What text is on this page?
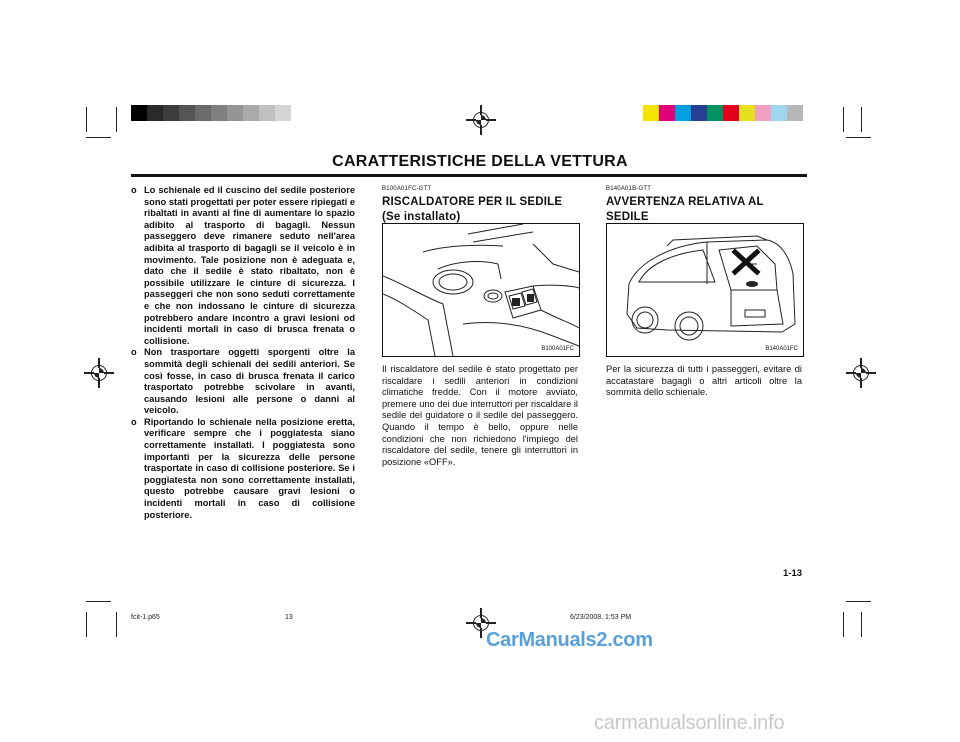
CARATTERISTICHE DELLA VETTURA
o Lo schienale ed il cuscino del sedile posteriore sono stati progettati per poter essere ripiegati e ribaltati in avanti al fine di aumentare lo spazio adibito al trasporto di bagagli. Nessun passeggero deve rimanere seduto nell'area adibita al trasporto di bagagli se il veicolo è in movimento. Tale posizione non è adeguata e, dato che il sedile è stato ribaltato, non è possibile utilizzare le cinture di sicurezza. I passeggeri che non sono seduti correttamente e che non indossano le cinture di sicurezza potrebbero andare incontro a gravi lesioni od incidenti mortali in caso di brusca frenata o collisione.
o Non trasportare oggetti sporgenti oltre la sommità degli schienali dei sedili anteriori. Se così fosse, in caso di brusca frenata il carico trasportato potrebbe scivolare in avanti, causando lesioni alle persone o danni al veicolo.
o Riportando lo schienale nella posizione eretta, verificare sempre che i poggiatesta siano correttamente installati. I poggiatesta sono importanti per la sicurezza delle persone trasportate in caso di collisione posteriore. Se i poggiatesta non sono correttamente installati, questo potrebbe causare gravi lesioni o incidenti mortali in caso di collisione posteriore.
B100A01FC-GTT
RISCALDATORE PER IL SEDILE
(Se installato)
B100A01FC
Il riscaldatore del sedile è stato progettato per riscaldare i sedili anteriori in condizioni climatiche fredde. Con il motore avviato, premere uno dei due interruttori per riscaldare il sedile del guidatore o il sedile del passeggero. Quando il tempo è bello, oppure nelle condizioni che non richiedono l'impiego del riscaldatore del sedile, tenere gli interruttori in posizione «OFF».
B140A01B-GTT
AVVERTENZA RELATIVA AL SEDILE
B140A01FC
Per la sicurezza di tutti i passeggeri, evitare di accatastare bagagli o altri articoli oltre la sommità dello schienale.
1-13
fcit-1.p65	13	6/23/2008, 1:53 PM
CarManuals2.com
carmanualsonline.info
